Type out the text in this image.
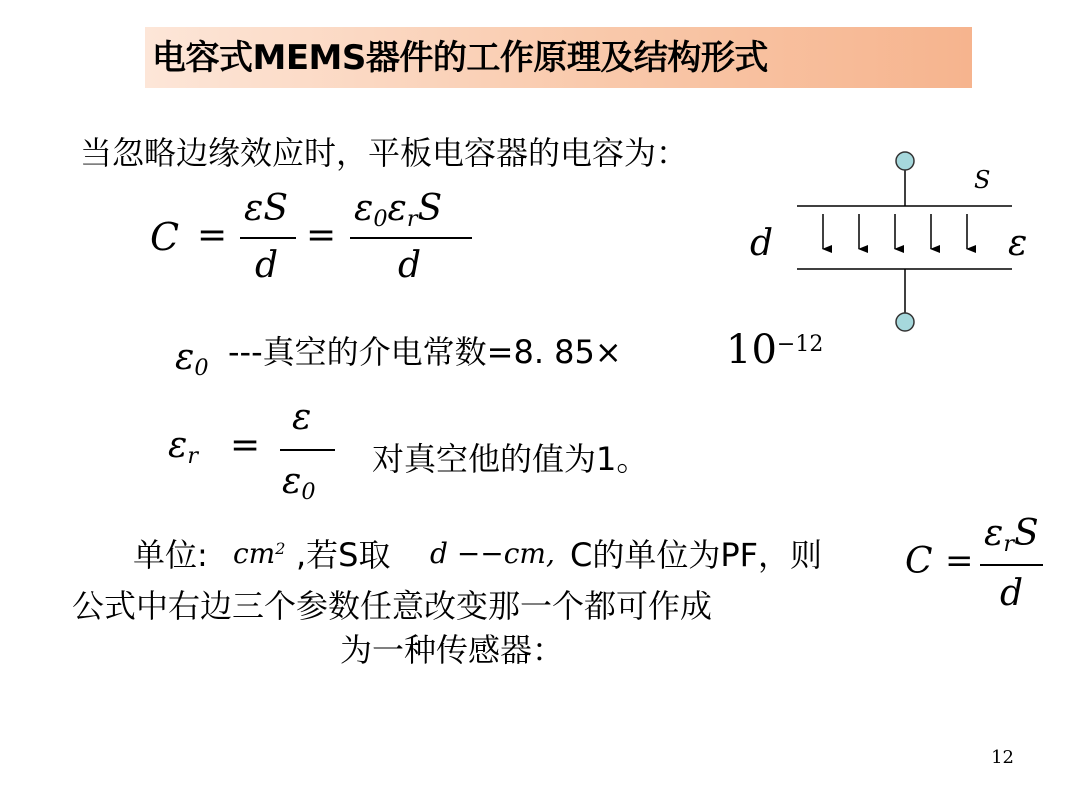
电容式MEMS器件的工作原理及结构形式
当忽略边缘效应时，平板电容器的电容为：
C =
εS
d
=
ε0εrS
d
S
d	ε
ε0 ---真空的介电常数=8. 85×	$10^{-12}$
εr =
ε
ε0
对真空他的值为1。
单位: $cm^2$ ,若S取 d −−cm, C的单位为PF，则 C =
εrS
d
公式中右边三个参数任意改变那一个都可作成
为一种传感器：
12
